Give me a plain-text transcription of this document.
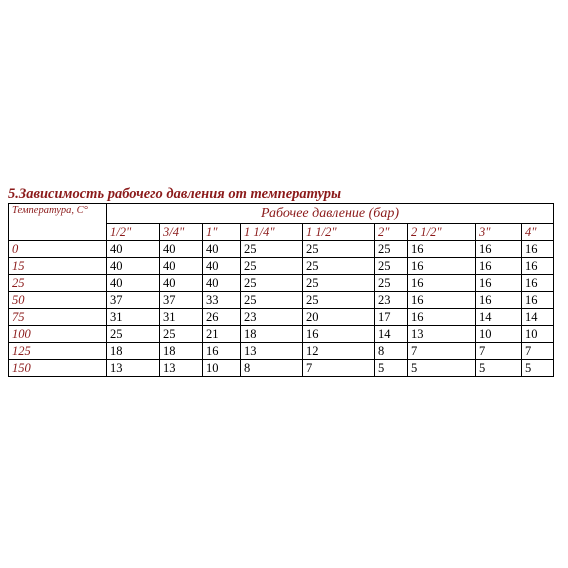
5.Зависимость рабочего давления от температуры
Температура, С°	Рабочее давление (бар)								
	1/2"	3/4"	1"	1 1/4"	1 1/2"	2"	2 1/2"	3"	4"
0	40	40	40	25	25	25	16	16	16
15	40	40	40	25	25	25	16	16	16
25	40	40	40	25	25	25	16	16	16
50	37	37	33	25	25	23	16	16	16
75	31	31	26	23	20	17	16	14	14
100	25	25	21	18	16	14	13	10	10
125	18	18	16	13	12	8	7	7	7
150	13	13	10	8	7	5	5	5	5
